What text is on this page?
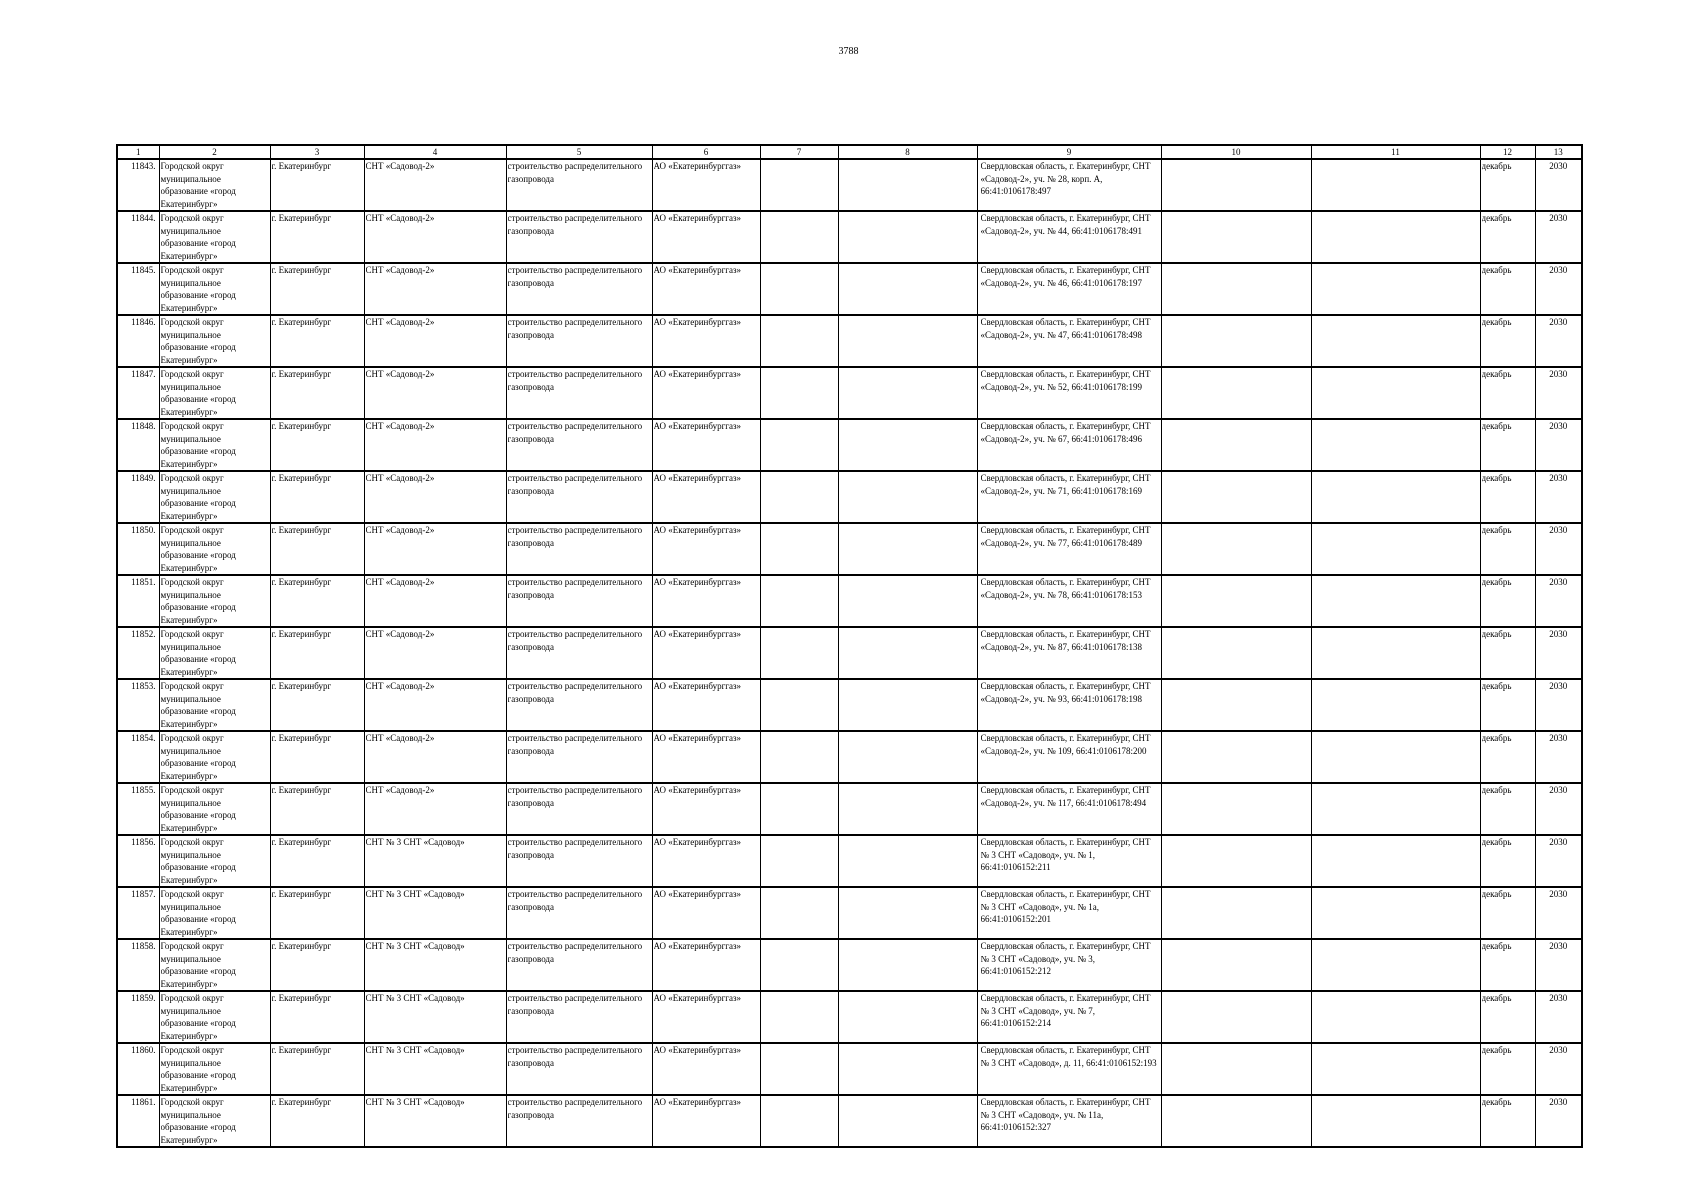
3788
1	2	3	4	5	6	7	8	9	10	11	12	13

11843.	Городской округ муниципальное образование «город Екатеринбург»	г. Екатеринбург	СНТ «Садовод-2»	строительство распределительного газопровода	АО «Екатеринбурггаз»			Свердловская область, г. Екатеринбург, СНТ «Садовод-2», уч. № 28, корп. А, 66:41:0106178:497			декабрь	2030

11844.	Городской округ муниципальное образование «город Екатеринбург»	г. Екатеринбург	СНТ «Садовод-2»	строительство распределительного газопровода	АО «Екатеринбурггаз»			Свердловская область, г. Екатеринбург, СНТ «Садовод-2», уч. № 44, 66:41:0106178:491			декабрь	2030

11845.	Городской округ муниципальное образование «город Екатеринбург»	г. Екатеринбург	СНТ «Садовод-2»	строительство распределительного газопровода	АО «Екатеринбурггаз»			Свердловская область, г. Екатеринбург, СНТ «Садовод-2», уч. № 46, 66:41:0106178:197			декабрь	2030

11846.	Городской округ муниципальное образование «город Екатеринбург»	г. Екатеринбург	СНТ «Садовод-2»	строительство распределительного газопровода	АО «Екатеринбурггаз»			Свердловская область, г. Екатеринбург, СНТ «Садовод-2», уч. № 47, 66:41:0106178:498			декабрь	2030

11847.	Городской округ муниципальное образование «город Екатеринбург»	г. Екатеринбург	СНТ «Садовод-2»	строительство распределительного газопровода	АО «Екатеринбурггаз»			Свердловская область, г. Екатеринбург, СНТ «Садовод-2», уч. № 52, 66:41:0106178:199			декабрь	2030

11848.	Городской округ муниципальное образование «город Екатеринбург»	г. Екатеринбург	СНТ «Садовод-2»	строительство распределительного газопровода	АО «Екатеринбурггаз»			Свердловская область, г. Екатеринбург, СНТ «Садовод-2», уч. № 67, 66:41:0106178:496			декабрь	2030

11849.	Городской округ муниципальное образование «город Екатеринбург»	г. Екатеринбург	СНТ «Садовод-2»	строительство распределительного газопровода	АО «Екатеринбурггаз»			Свердловская область, г. Екатеринбург, СНТ «Садовод-2», уч. № 71, 66:41:0106178:169			декабрь	2030

11850.	Городской округ муниципальное образование «город Екатеринбург»	г. Екатеринбург	СНТ «Садовод-2»	строительство распределительного газопровода	АО «Екатеринбурггаз»			Свердловская область, г. Екатеринбург, СНТ «Садовод-2», уч. № 77, 66:41:0106178:489			декабрь	2030

11851.	Городской округ муниципальное образование «город Екатеринбург»	г. Екатеринбург	СНТ «Садовод-2»	строительство распределительного газопровода	АО «Екатеринбурггаз»			Свердловская область, г. Екатеринбург, СНТ «Садовод-2», уч. № 78, 66:41:0106178:153			декабрь	2030

11852.	Городской округ муниципальное образование «город Екатеринбург»	г. Екатеринбург	СНТ «Садовод-2»	строительство распределительного газопровода	АО «Екатеринбурггаз»			Свердловская область, г. Екатеринбург, СНТ «Садовод-2», уч. № 87, 66:41:0106178:138			декабрь	2030

11853.	Городской округ муниципальное образование «город Екатеринбург»	г. Екатеринбург	СНТ «Садовод-2»	строительство распределительного газопровода	АО «Екатеринбурггаз»			Свердловская область, г. Екатеринбург, СНТ «Садовод-2», уч. № 93, 66:41:0106178:198			декабрь	2030

11854.	Городской округ муниципальное образование «город Екатеринбург»	г. Екатеринбург	СНТ «Садовод-2»	строительство распределительного газопровода	АО «Екатеринбурггаз»			Свердловская область, г. Екатеринбург, СНТ «Садовод-2», уч. № 109, 66:41:0106178:200			декабрь	2030

11855.	Городской округ муниципальное образование «город Екатеринбург»	г. Екатеринбург	СНТ «Садовод-2»	строительство распределительного газопровода	АО «Екатеринбурггаз»			Свердловская область, г. Екатеринбург, СНТ «Садовод-2», уч. № 117, 66:41:0106178:494			декабрь	2030

11856.	Городской округ муниципальное образование «город Екатеринбург»	г. Екатеринбург	СНТ № 3 СНТ «Садовод»	строительство распределительного газопровода	АО «Екатеринбурггаз»			Свердловская область, г. Екатеринбург, СНТ № 3 СНТ «Садовод», уч. № 1, 66:41:0106152:211			декабрь	2030

11857.	Городской округ муниципальное образование «город Екатеринбург»	г. Екатеринбург	СНТ № 3 СНТ «Садовод»	строительство распределительного газопровода	АО «Екатеринбурггаз»			Свердловская область, г. Екатеринбург, СНТ № 3 СНТ «Садовод», уч. № 1а, 66:41:0106152:201			декабрь	2030

11858.	Городской округ муниципальное образование «город Екатеринбург»	г. Екатеринбург	СНТ № 3 СНТ «Садовод»	строительство распределительного газопровода	АО «Екатеринбурггаз»			Свердловская область, г. Екатеринбург, СНТ № 3 СНТ «Садовод», уч. № 3, 66:41:0106152:212			декабрь	2030

11859.	Городской округ муниципальное образование «город Екатеринбург»	г. Екатеринбург	СНТ № 3 СНТ «Садовод»	строительство распределительного газопровода	АО «Екатеринбурггаз»			Свердловская область, г. Екатеринбург, СНТ № 3 СНТ «Садовод», уч. № 7, 66:41:0106152:214			декабрь	2030

11860.	Городской округ муниципальное образование «город Екатеринбург»	г. Екатеринбург	СНТ № 3 СНТ «Садовод»	строительство распределительного газопровода	АО «Екатеринбурггаз»			Свердловская область, г. Екатеринбург, СНТ № 3 СНТ «Садовод», д. 11, 66:41:0106152:193			декабрь	2030

11861.	Городской округ муниципальное образование «город Екатеринбург»	г. Екатеринбург	СНТ № 3 СНТ «Садовод»	строительство распределительного газопровода	АО «Екатеринбурггаз»			Свердловская область, г. Екатеринбург, СНТ № 3 СНТ «Садовод», уч. № 11а, 66:41:0106152:327			декабрь	2030
